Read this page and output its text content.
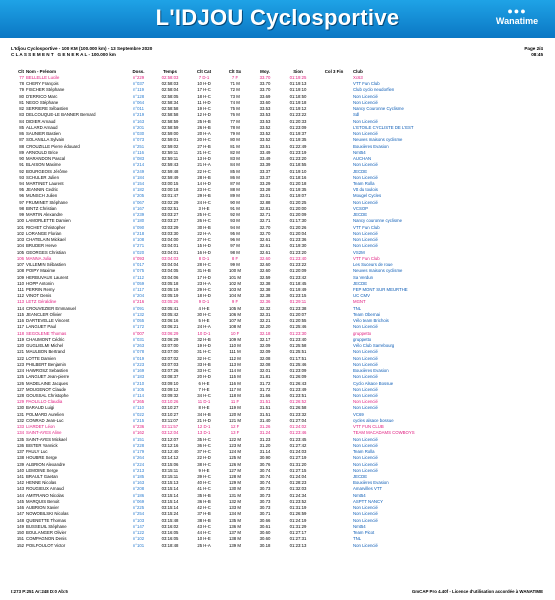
L'IDJOU Cyclosportive	●●●
Wanatime
L'Idjou Cyclosportive - 100 KM (100.000 km) - 13 Septembre 2020
C L A S S E M E N T   G E N E R A L - 100.000 km
Page 2/4
08:45
Clt	Nom - Prénom	Doss.	Temps	Clt Cat	Clt Sx	Moy.	Sion	Col 3 Fin	Club
77	BELLELLE Lucile	n°229	02:58:03	7 D-1	7 F	33.70	01:19:25		Xc63
78	CHERY François	n°037	02:58:03	10 H-D	71 M	33.70	01:19:13		VTT Fun Club
79	FISCHER Stéphane	n°119	02:58:04	17 H-C	72 M	33.70	01:19:10		Club cyclo neudorfien
80	D'ERRICO Marc	n°128	02:58:05	18 H-C	73 M	33.69	01:18:50		Non Licencié
81	NEGO Stéphane	n°064	02:58:34	11 H-D	74 M	33.60	01:19:18		Non Licencié
82	SERRIERE Sébastien	n°011	02:58:58	19 H-C	75 M	33.53	01:19:12		Nancy Couronne Cyclisme
83	DELCOUQUE-LE BANNER Bernard	n°219	02:58:58	12 H-D	76 M	33.53	01:23:22		Sdl
84	DIDIER Arnaud	n°163	02:58:59	25 H-B	77 M	33.53	01:20:33		Non Licencié
85	ALLARD Arnaud	n°201	02:58:59	26 H-B	78 M	33.52	01:23:09		L'ETOILE CYCLISTE DE L'EST
86	SAUNIER Bastien	n°030	02:59:00	20 H-A	79 M	33.52	01:19:37		Non Licencié
87	SOLANILLA Sylvain	n°073	02:59:01	20 H-C	80 M	33.52	01:19:35		Neuves maisons cyclisme
88	CROUZILLE Pierre édouard	n°251	02:59:02	27 H-B	81 M	33.51	01:22:49		Bouxières Evasion
89	ARNOULD Brice	n°116	02:59:11	21 H-C	82 M	33.49	01:23:19		Nmt54
90	MARANDON Pascal	n°083	02:59:11	13 H-D	83 M	33.49	01:23:20		AUCHAN
91	BLAISON Maxime	n°214	02:59:43	21 H-A	84 M	33.39	01:18:55		Non Licencié
92	BOURGEOIS Jérôme	n°249	02:59:48	22 H-C	85 M	33.37	01:19:10		JECDE
93	SCHULER Julien	n°184	02:59:49	28 H-B	86 M	33.37	01:18:16		Non Licencié
94	MARTINET Laurent	n°154	03:00:15	14 H-D	87 M	33.29	01:20:18		Team Rolla
95	JEANNIN Cedric	n°182	03:00:18	23 H-C	88 M	33.28	01:19:35		Vtt du toulois
96	MUNSCH Julien	n°205	03:01:47	29 H-B	89 M	33.01	01:19:07		Mougel Cycles
97	FRUMINET Stéphane	n°067	03:02:29	24 H-C	90 M	32.88	01:20:25		Non Licencié
98	BINTZ Christian	n°167	03:02:51	3 H-E	91 M	32.81	01:20:00		VCSOP
99	MARTIN Alexandre	n°239	03:03:27	25 H-C	92 M	32.71	01:20:09		JECDE
100	LAMORLETTE Damien	n°180	03:03:27	26 H-C	93 M	32.71	01:17:30		Nancy couronne cyclisme
101	RICHET Christopher	n°090	03:03:29	30 H-B	94 M	32.70	01:20:26		VTT Fun Club
102	LORANGE Florian	n°218	03:03:30	22 H-A	95 M	32.70	01:20:04		Non Licencié
103	CHATELAIN Mickael	n°108	03:04:00	27 H-C	96 M	32.61	01:23:36		Non Licencié
104	BRUDER Herve	n°271	03:04:01	15 H-D	97 M	32.61	01:19:30		Non Licencié
105	GEORGES Christian	n°020	03:04:01	16 H-D	98 M	32.61	01:23:20		VS2M
106	MANNA Julia	n°093	03:04:03	8 D-1	8 F	32.60	01:23:40		VTT Fun Club
107	VILLEMIN Sébastien	n°017	03:04:04	28 H-C	99 M	32.60	01:23:22		Les Suceurs de roue
108	POIPY Maxime	n°075	03:04:05	31 H-B	100 M	32.60	01:20:09		Neuves maisons cyclisme
109	HERBUVAUX Laurent	n°112	03:04:06	17 H-D	101 M	32.59	01:23:42		Sa Verdun
110	HOPP Antonin	n°059	03:05:18	23 H-A	102 M	32.38	01:18:45		JECDE
111	PERRIN Remy	n°117	03:05:19	29 H-C	103 M	32.38	01:19:49		FEP MONT SUR MEURTHE
112	VINOT Denis	n°204	03:05:19	18 H-D	104 M	32.38	01:23:15		UC CMV
113	LETZ Géraldine	n°216	03:05:26	9 D-1	9 F	32.36	01:29:11		MGNT
114	CROUVEZIER Emmanuel	n°091	03:05:41	4 H-E	105 M	32.32	01:23:38		TNL
115	JEANCLER Olivier	n°132	03:05:42	30 H-C	106 M	32.31	01:20:07		Team Obernai
116	DARTEVELLE Vincent	n°055	03:06:16	5 H-E	107 M	32.21	01:20:55		Vélo team Brichois
117	LANGUET Paul	n°172	03:06:21	24 H-A	108 M	32.20	01:25:46		Non Licencié
118	SEGOLENE Thomas	n°007	03:06:29	10 D-1	10 F	32.18	01:23:30		gruppetto
119	CHAUMONT Cédric	n°031	03:06:29	32 H-B	109 M	32.17	01:23:40		gruppetto
120	GUGLIELMI Michel	n°263	03:07:00	19 H-D	110 M	32.09	01:25:58		Vélo Club Sarrebourg
121	MAULBON Bertrand	n°078	03:07:00	31 H-C	111 M	32.09	01:25:51		Non Licencié
122	LOTTE Damien	n°019	03:07:02	32 H-C	112 M	32.08	01:17:51		Non Licencié
123	PHILBERT Benjamin	n°223	03:07:03	33 H-B	113 M	32.08	01:25:46		Non Licencié
124	HAWROSZ Sebastien	n°169	03:07:26	33 H-C	114 M	32.01	01:23:09		Bouxières Evasion
125	LANGUET Jean-pierre	n°183	03:08:37	20 H-D	115 M	31.81	01:26:09		Non Licencié
126	MADELAINE Jacques	n°210	03:09:10	6 H-E	116 M	31.72	01:26:43		Cyclo Alsace Bossue
127	MOUGENOT Claude	n°105	03:09:12	7 H-E	117 M	31.72	01:23:49		Non Licencié
128	GOUSSAL Christophe	n°114	03:09:32	34 H-C	118 M	31.66	01:23:51		Non Licencié
129	PAOLILLO Claudia	n°265	03:10:26	11 D-1	11 F	31.51	01:26:52		Non Licencié
130	BARAUD Luigi	n°110	03:10:27	8 H-E	119 M	31.51	01:26:58		Non Licencié
131	POLMARD Aurelien	n°022	03:10:27	34 H-B	120 M	31.51	01:23:32		VC69
132	CONRAD Jean-Luc	n°215	03:11:07	21 H-D	121 M	31.40	01:27:04		cycles alsace bossue
133	LIARDET Léon	n°236	03:11:57	12 D-1	12 F	31.26	01:24:02		VTT FUN CLUB
134	SAINT-AYES Aline	n°162	03:12:04	13 D-1	13 F	31.24	01:23:46		TEAM MACADAMS COWBOYS
135	SAINT-AYES Mickael	n°151	03:12:07	35 H-C	122 M	31.23	01:23:45		Non Licencié
136	BISTER Yannick	n°228	03:12:16	36 H-C	123 M	31.20	01:27:42		Non Licencié
137	PAULY Luc	n°179	03:12:40	37 H-C	124 M	31.14	01:24:03		Team Rolla
138	HOUBRE Serge	n°264	03:14:12	22 H-D	125 M	30.90	01:27:19		Non Licencié
139	ALBRION Alexandre	n°224	03:15:06	38 H-C	126 M	30.76	01:31:20		Non Licencié
140	LEMOINE Serge	n°213	03:15:11	9 H-E	127 M	30.74	01:27:15		Non Licencié
141	BRAULT Gaetan	n°185	03:15:11	39 H-C	128 M	30.74	01:24:04		JECDE
142	HENNE Nicolas	n°163	03:15:13	40 H-C	129 M	30.74	01:28:23		Bouxières Evasion
143	ROUGIEUX Arnaud	n°208	03:15:14	41 H-C	130 M	30.73	01:32:03		Amarvilles VTT
144	AMITRANO Nicolas	n°186	03:15:14	35 H-B	131 M	30.73	01:24:34		Nmt54
145	MARQUIS Benoit	n°069	03:15:14	36 H-B	132 M	30.73	01:23:52		ASPTT NANCY
146	AUBRION Xavier	n°225	03:15:14	42 H-C	133 M	30.73	01:31:19		Non Licencié
147	NOWOBILSKI Nicolas	n°254	03:15:24	37 H-B	134 M	30.71	01:26:59		Non Licencié
148	QUENETTE Thomas	n°103	03:15:48	38 H-B	135 M	30.66	01:24:19		Non Licencié
149	BUSSEUIL Stéphane	n°147	03:16:02	43 H-C	136 M	30.61	01:31:29		Nmt54
150	BOULANGER Olivier	n°122	03:16:05	44 H-C	137 M	30.60	01:27:17		Team Picot
151	COMPAGNON Denis	n°102	03:16:05	10 H-E	138 M	30.60	01:27:31		TNL
152	POILFOULOT Victor	n°101	03:18:48	25 H-A	139 M	30.18	01:23:13		Non Licencié
I:273 P:251 Ar:248 D:0 Ab:5	GmCAP Pro 4.40f - Licence d'utilisation accordée à WANATIME
